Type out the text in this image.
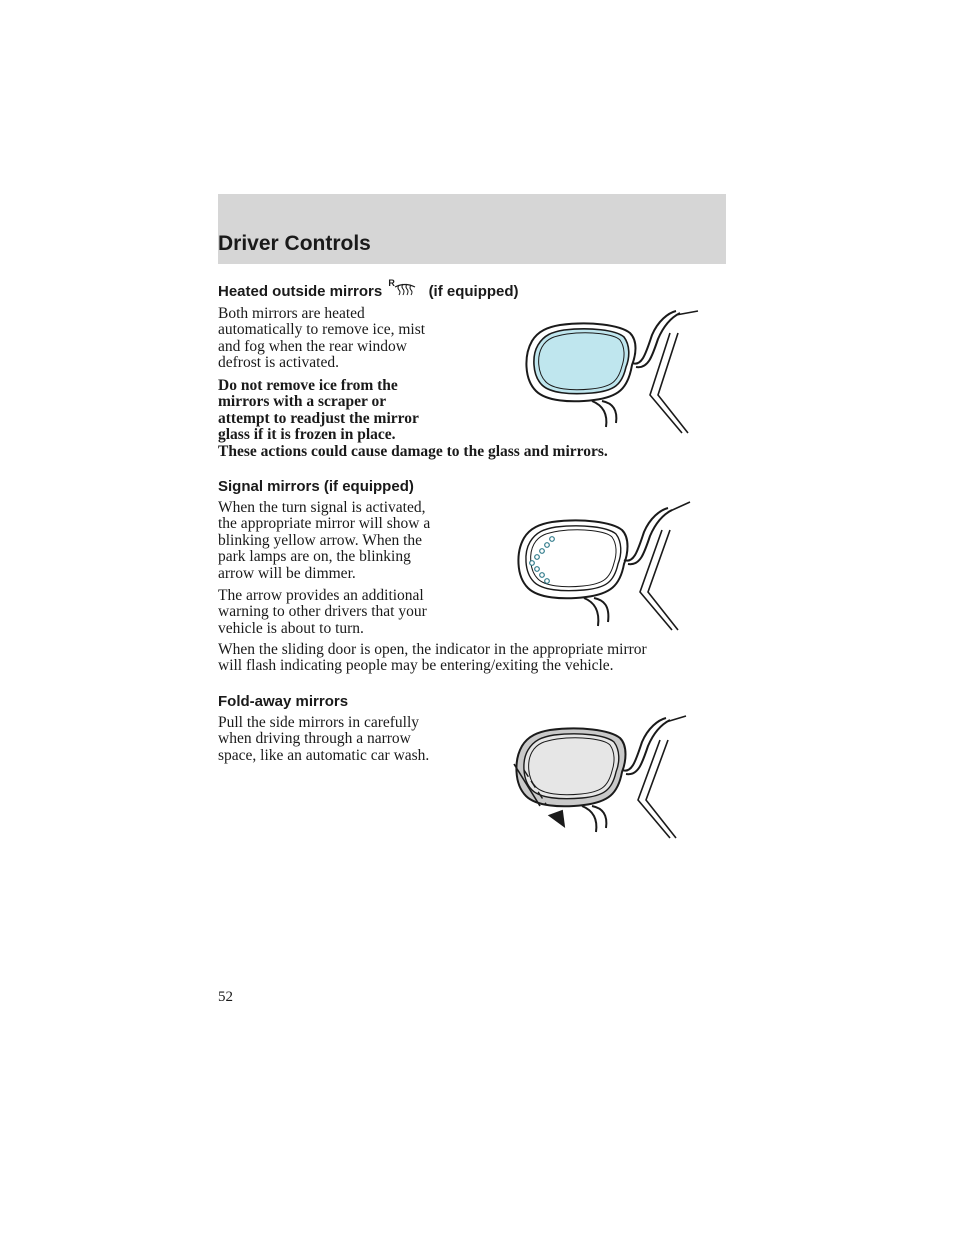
Driver Controls
Heated outside mirrors R (if equipped)
Both mirrors are heated
automatically to remove ice, mist
and fog when the rear window
defrost is activated.
Do not remove ice from the
mirrors with a scraper or
attempt to readjust the mirror
glass if it is frozen in place.
These actions could cause damage to the glass and mirrors.
Signal mirrors (if equipped)
When the turn signal is activated,
the appropriate mirror will show a
blinking yellow arrow. When the
park lamps are on, the blinking
arrow will be dimmer.
The arrow provides an additional
warning to other drivers that your
vehicle is about to turn.
When the sliding door is open, the indicator in the appropriate mirror
will flash indicating people may be entering/exiting the vehicle.
Fold-away mirrors
Pull the side mirrors in carefully
when driving through a narrow
space, like an automatic car wash.
52
